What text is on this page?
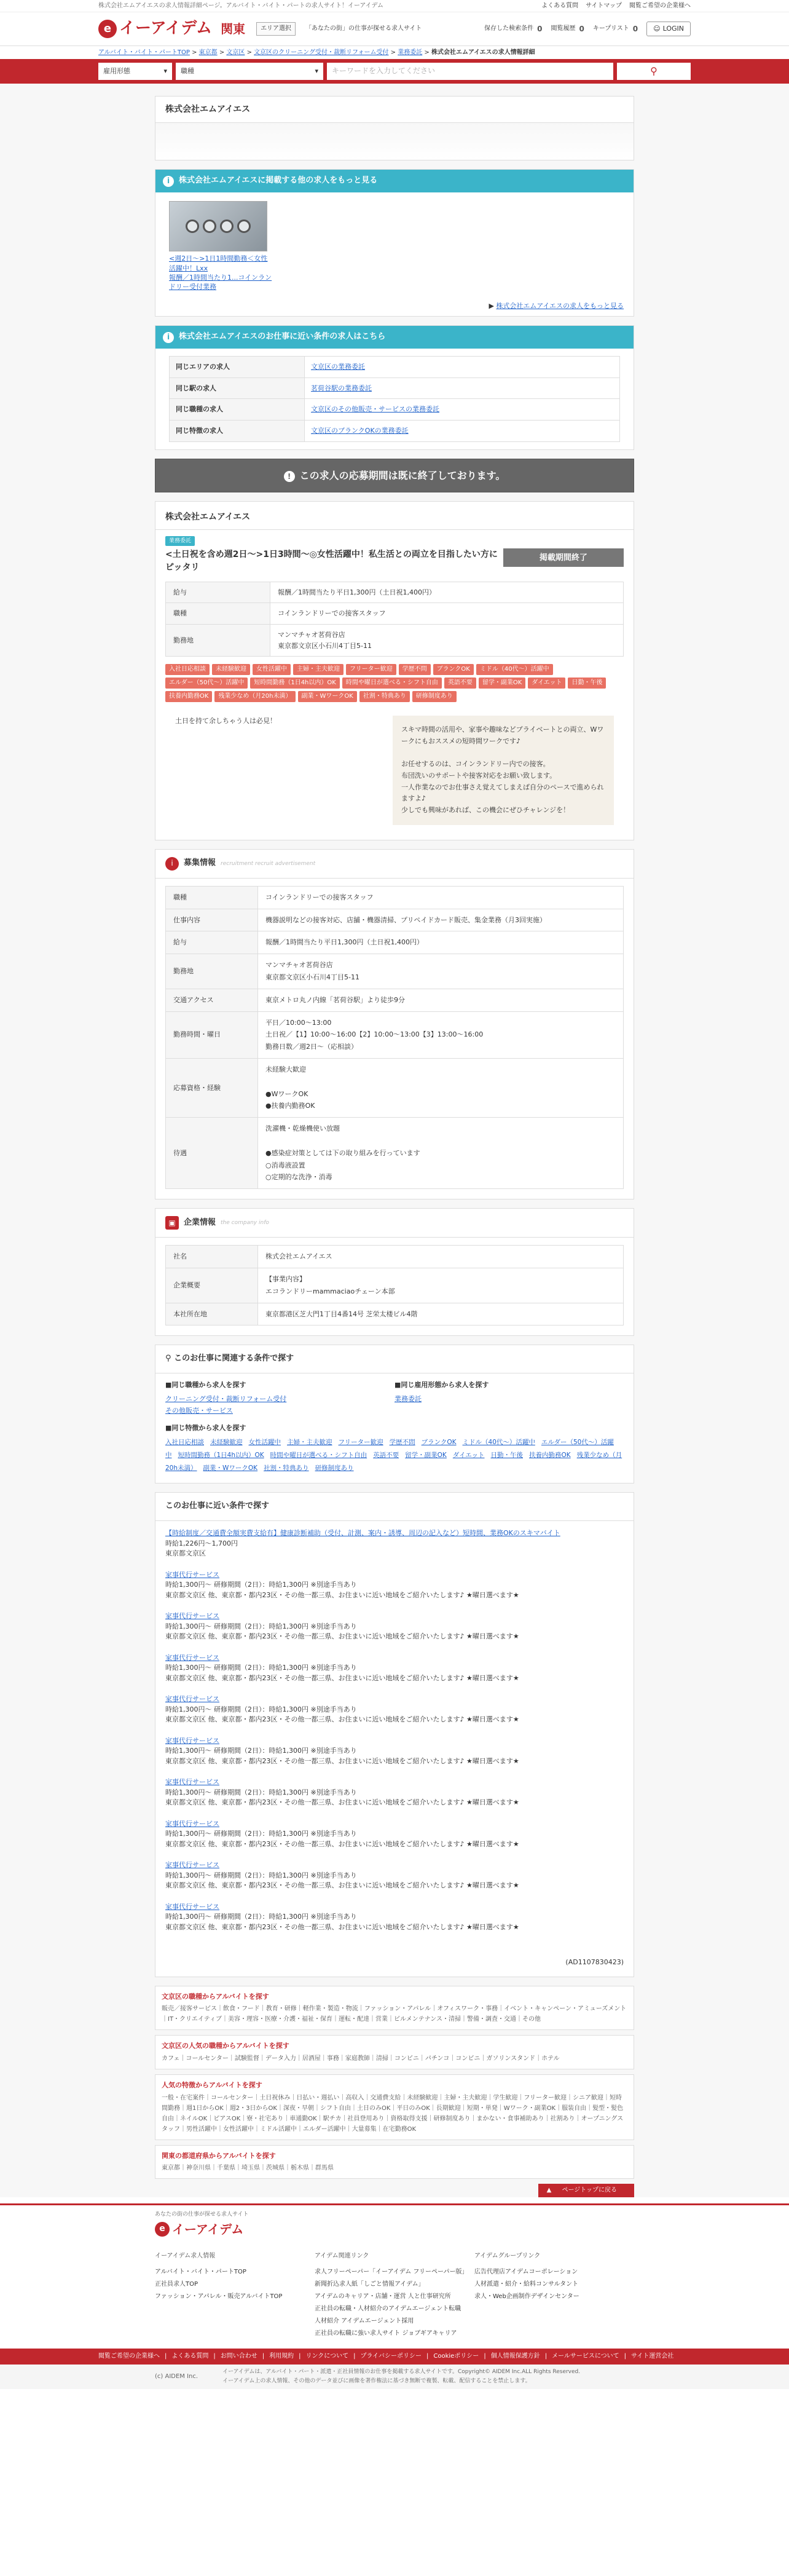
株式会社エムアイエスの求人情報詳細ページ。アルバイト・バイト・パートの求人サイト！イーアイデム	よくある質問 サイトマップ 閲覧ご希望の企業様へ
e イーアイデム 関東	エリア選択	「あなたの街」の仕事が探せる求人サイト	保存した検索条件 0 閲覧履歴 0 キープリスト 0 ☺ LOGIN
アルバイト・バイト・パートTOP > 東京都 > 文京区 > 文京区のクリーニング受付・裁断リフォーム受付 > 業務委託 > 株式会社エムアイエスの求人情報詳細
雇用形態	▾ 職種	▾	キーワードを入力してください	⚲
株式会社エムアイエス
i	株式会社エムアイエスに掲載する他の求人をもっと見る
<週2日〜>1日1時間勤務＜女性活躍中！Lxx
報酬／1時間当たり1...コインランドリー受付業務
▶ 株式会社エムアイエスの求人をもっと見る
i	株式会社エムアイエスのお仕事に近い条件の求人はこちら
同じエリアの求人	文京区の業務委託
同じ駅の求人	茗荷谷駅の業務委託
同じ職種の求人	文京区のその他販売・サービスの業務委託
同じ特徴の求人	文京区のブランクOKの業務委託
! この求人の応募期間は既に終了しております。
株式会社エムアイエス
業務委託
<土日祝を含め週2日〜>1日3時間〜◎女性活躍中！私生活との両立を目指したい方にピッタリ
掲載期間終了
給与	報酬／1時間当たり平日1,300円（土日祝1,400円）
職種	コインランドリーでの接客スタッフ
勤務地	マンマチャオ茗荷谷店
東京都文京区小石川4丁目5-11
入社日応相談	未経験歓迎	女性活躍中	主婦・主夫歓迎	フリーター歓迎	学歴不問	ブランクOK	ミドル（40代〜）活躍中
エルダー（50代〜）活躍中	短時間勤務（1日4h以内）OK	時間や曜日が選べる・シフト自由	英語不要	留学・副業OK	ダイエット	日勤・午後
扶養内勤務OK	残業少なめ（月20h未満）	副業・WワークOK	社割・特典あり	研修制度あり
土日を持て余しちゃう人は必見！
スキマ時間の活用や、家事や趣味などプライベートとの両立、Wワークにもおススメの短時間ワークです♪

お任せするのは、コインランドリー内での接客。
布団洗いのサポートや接客対応をお願い致します。
一人作業なのでお仕事さえ覚えてしまえば自分のペースで進められますよ♪
少しでも興味があれば、この機会にぜひチャレンジを！
i	募集情報 recruitment recruit advertisement
職種	コインランドリーでの接客スタッフ
仕事内容	機器説明などの接客対応、店舗・機器清掃、プリペイドカード販売、集金業務（月3回実施）
給与	報酬／1時間当たり平日1,300円（土日祝1,400円）
勤務地	マンマチャオ茗荷谷店
東京都文京区小石川4丁目5-11
交通アクセス	東京メトロ丸ノ内線「茗荷谷駅」より徒歩9分
勤務時間・曜日	平日／10:00〜13:00
土日祝／【1】10:00〜16:00【2】10:00〜13:00【3】13:00〜16:00
勤務日数／週2日〜（応相談）
応募資格・経験	未経験大歓迎

●WワークOK
●扶養内勤務OK
待遇	洗濯機・乾燥機使い放題

●感染症対策としては下の取り組みを行っています
○消毒液設置
○定期的な洗浄・消毒
▣	企業情報 the company info
社名	株式会社エムアイエス
企業概要	【事業内容】
エコランドリーmammaciaoチェーン本部
本社所在地	東京都港区芝大門1丁目4番14号 芝栄太楼ビル4階
⚲ このお仕事に関連する条件で探す
■同じ職種から求人を探す
クリーニング受付・裁断リフォーム受付
その他販売・サービス
■同じ雇用形態から求人を探す
業務委託
■同じ特徴から求人を探す
入社日応相談 未経験歓迎 女性活躍中 主婦・主夫歓迎 フリーター歓迎 学歴不問 ブランクOK ミドル（40代〜）活躍中 エルダー（50代〜）活躍中 短時間勤務（1日4h以内）OK 時間や曜日が選べる・シフト自由 英語不要 留学・副業OK ダイエット 日勤・午後 扶養内勤務OK 残業少なめ（月20h未満） 副業・WワークOK 社割・特典あり 研修制度あり
このお仕事に近い条件で探す
【時給制度／交通費全額実費支給有】健康診断補助（受付、計測、案内・誘導、周辺の記入など）短時間、業務OKのスキマバイト
時給1,226円〜1,700円
東京都文京区
家事代行サービス
時給1,300円〜 研修期間（2日）：時給1,300円 ※別途手当あり
東京都文京区 他、東京都・都内23区・その他一都三県、お住まいに近い地域をご紹介いたします♪ ★曜日選べます★
家事代行サービス
時給1,300円〜 研修期間（2日）：時給1,300円 ※別途手当あり
東京都文京区 他、東京都・都内23区・その他一都三県、お住まいに近い地域をご紹介いたします♪ ★曜日選べます★
家事代行サービス
時給1,300円〜 研修期間（2日）：時給1,300円 ※別途手当あり
東京都文京区 他、東京都・都内23区・その他一都三県、お住まいに近い地域をご紹介いたします♪ ★曜日選べます★
家事代行サービス
時給1,300円〜 研修期間（2日）：時給1,300円 ※別途手当あり
東京都文京区 他、東京都・都内23区・その他一都三県、お住まいに近い地域をご紹介いたします♪ ★曜日選べます★
家事代行サービス
時給1,300円〜 研修期間（2日）：時給1,300円 ※別途手当あり
東京都文京区 他、東京都・都内23区・その他一都三県、お住まいに近い地域をご紹介いたします♪ ★曜日選べます★
家事代行サービス
時給1,300円〜 研修期間（2日）：時給1,300円 ※別途手当あり
東京都文京区 他、東京都・都内23区・その他一都三県、お住まいに近い地域をご紹介いたします♪ ★曜日選べます★
家事代行サービス
時給1,300円〜 研修期間（2日）：時給1,300円 ※別途手当あり
東京都文京区 他、東京都・都内23区・その他一都三県、お住まいに近い地域をご紹介いたします♪ ★曜日選べます★
家事代行サービス
時給1,300円〜 研修期間（2日）：時給1,300円 ※別途手当あり
東京都文京区 他、東京都・都内23区・その他一都三県、お住まいに近い地域をご紹介いたします♪ ★曜日選べます★
家事代行サービス
時給1,300円〜 研修期間（2日）：時給1,300円 ※別途手当あり
東京都文京区 他、東京都・都内23区・その他一都三県、お住まいに近い地域をご紹介いたします♪ ★曜日選べます★
(AD1107830423)
文京区の職種からアルバイトを探す

販売／接客サービス｜飲食・フード｜教育・研修｜軽作業・製造・物流｜ファッション・アパレル｜オフィスワーク・事務｜イベント・キャンペーン・アミューズメント｜IT・クリエイティブ｜美容・理容・医療・介護・福祉・保育｜運転・配達｜営業｜ビルメンテナンス・清掃｜警備・調査・交通｜その他

文京区の人気の職種からアルバイトを探す

カフェ｜コールセンター｜試験監督｜データ入力｜居酒屋｜事務｜家庭教師｜清掃｜コンビニ｜パチンコ｜コンビニ｜ガソリンスタンド｜ホテル

人気の特徴からアルバイトを探す

一般・在宅案件｜コールセンター｜土日祝休み｜日払い・週払い｜高収入｜交通費支給｜未経験歓迎｜主婦・主夫歓迎｜学生歓迎｜フリーター歓迎｜シニア歓迎｜短時間勤務｜週1日からOK｜週2・3日からOK｜深夜・早朝｜シフト自由｜土日のみOK｜平日のみOK｜長期歓迎｜短期・単発｜Wワーク・副業OK｜服装自由｜髪型・髪色自由｜ネイルOK｜ピアスOK｜寮・社宅あり｜車通勤OK｜駅チカ｜社員登用あり｜資格取得支援｜研修制度あり｜まかない・食事補助あり｜社割あり｜オープニングスタッフ｜男性活躍中｜女性活躍中｜ミドル活躍中｜エルダー活躍中｜大量募集｜在宅勤務OK

関東の都道府県からアルバイトを探す

東京都｜神奈川県｜千葉県｜埼玉県｜茨城県｜栃木県｜群馬県

▲ ページトップに戻る
あなたの街の仕事が探せる求人サイト
e イーアイデム
イーアイデム求人情報
アルバイト・バイト・パートTOP
正社員求人TOP
ファッション・アパレル・販売アルバイトTOP
アイデム関連リンク
求人フリーペーパー「イーアイデム フリーペーパー版」
新聞折込求人紙「しごと情報アイデム」
アイデムのキャリア・店舗・運営 人と仕事研究所
正社員の転職・人材紹介のアイデムエージェント転職
人材紹介 アイデムエージェント採用
正社員の転職に強い求人サイト ジョブギアキャリア
アイデムグループリンク
広告代理店アイデムコーポレーション
人材派遣・紹介・給料コンサルタント
求人・Web企画制作デザインセンター
閲覧ご希望の企業様へ | よくある質問 | お問い合わせ | 利用規約 | リンクについて | プライバシーポリシー | Cookieポリシー | 個人情報保護方針 | メールサービスについて | サイト運営会社
(c) AIDEM Inc.
イーアイデムは、アルバイト・パート・派遣・正社員情報のお仕事を掲載する求人サイトです。Copyright© AIDEM Inc.ALL Rights Reserved.
イーアイデム上の求人情報、その他のデータ並びに画像を著作権法に基づき無断で複製、転載、配信することを禁止します。
